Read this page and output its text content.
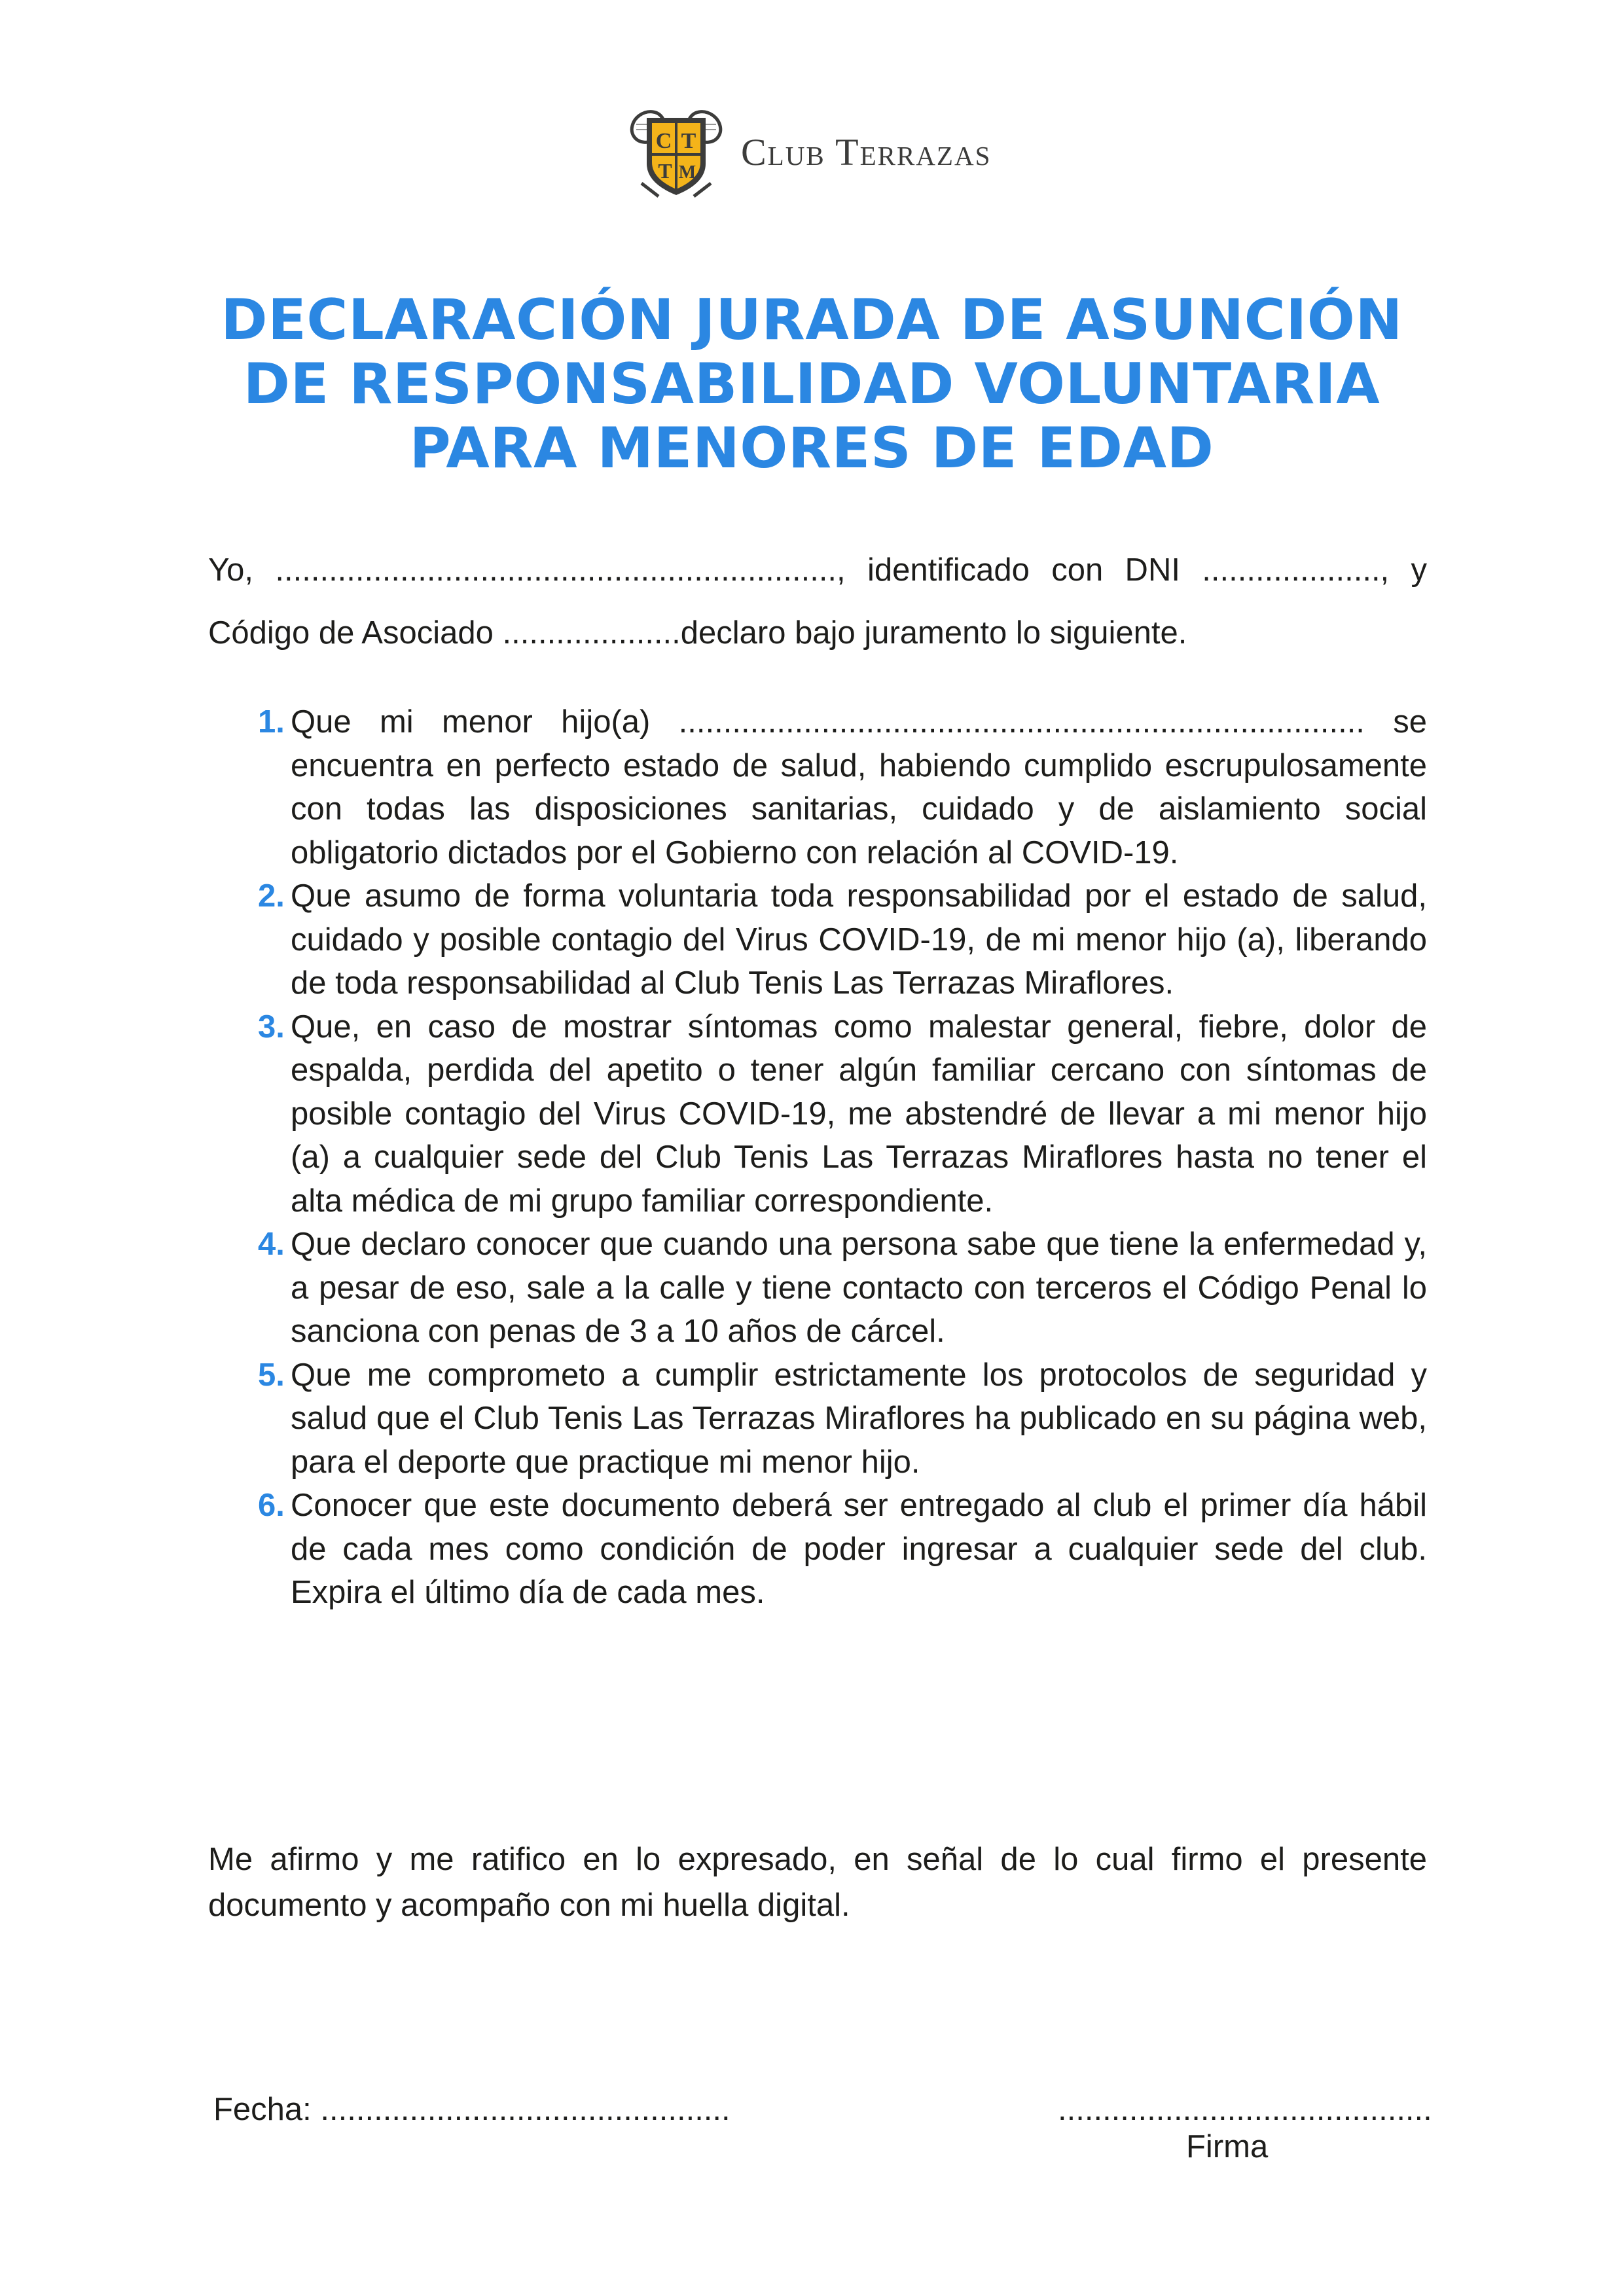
C T
T M Club Terrazas
DECLARACIÓN JURADA DE ASUNCIÓN
DE RESPONSABILIDAD VOLUNTARIA
PARA MENORES DE EDAD
Yo, ..............................................................., identificado con DNI ...................., y
Código de Asociado ....................declaro bajo juramento lo siguiente.
1. Que mi menor hijo(a) ............................................................................. se encuentra en perfecto estado de salud, habiendo cumplido escrupulosamente con todas las disposiciones sanitarias, cuidado y de aislamiento social obligatorio dictados por el Gobierno con relación al COVID-19.
2. Que asumo de forma voluntaria toda responsabilidad por el estado de salud, cuidado y posible contagio del Virus COVID-19, de mi menor hijo (a), liberando de toda responsabilidad al Club Tenis Las Terrazas Miraflores.
3. Que, en caso de mostrar síntomas como malestar general, fiebre, dolor de espalda, perdida del apetito o tener algún familiar cercano con síntomas de posible contagio del Virus COVID-19, me abstendré de llevar a mi menor hijo (a) a cualquier sede del Club Tenis Las Terrazas Miraflores hasta no tener el alta médica de mi grupo familiar correspondiente.
4. Que declaro conocer que cuando una persona sabe que tiene la enfermedad y, a pesar de eso, sale a la calle y tiene contacto con terceros el Código Penal lo sanciona con penas de 3 a 10 años de cárcel.
5. Que me comprometo a cumplir estrictamente los protocolos de seguridad y salud que el Club Tenis Las Terrazas Miraflores ha publicado en su página web, para el deporte que practique mi menor hijo.
6. Conocer que este documento deberá ser entregado al club el primer día hábil de cada mes como condición de poder ingresar a cualquier sede del club. Expira el último día de cada mes.
Me afirmo y me ratifico en lo expresado, en señal de lo cual firmo el presente documento y acompaño con mi huella digital.
Fecha: ..............................................	..........................................
Firma
